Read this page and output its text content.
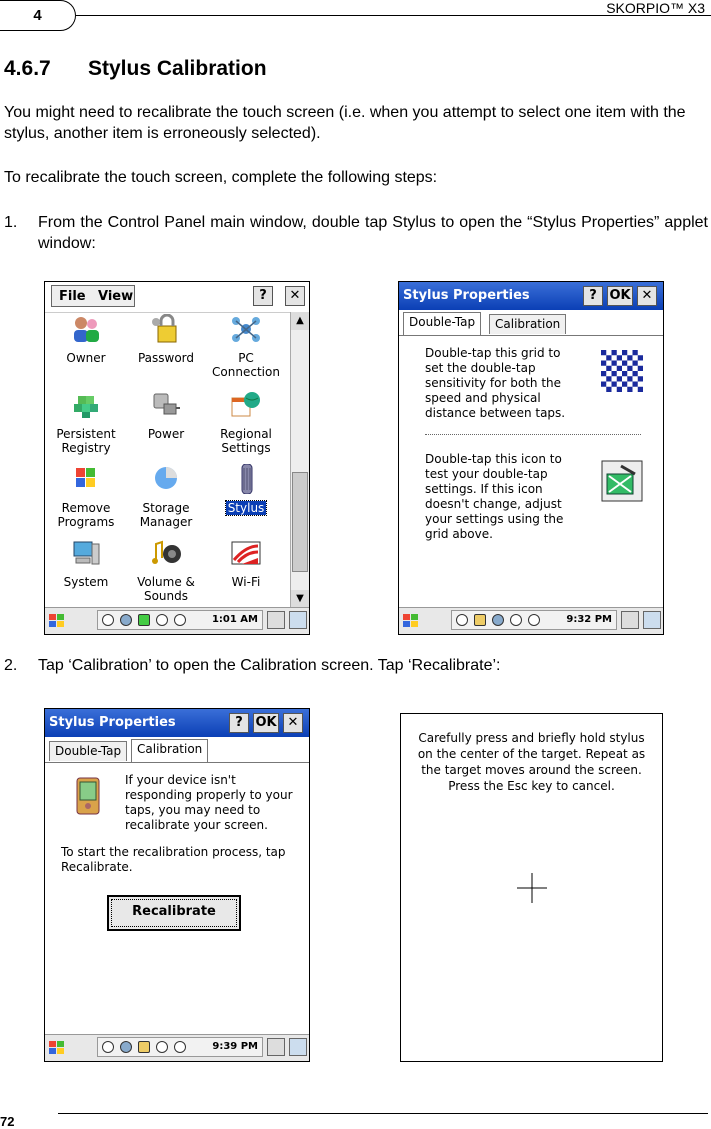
4	SKORPIO™ X3
4.6.7 Stylus Calibration
You might need to recalibrate the touch screen (i.e. when you attempt to select one item with the stylus, another item is erroneously selected).
To recalibrate the touch screen, complete the following steps:
1. From the Control Panel main window, double tap Stylus to open the “Stylus Properties” applet window:
File View	?	✕
Owner	Password	PC Connection
Persistent Registry
Power	Regional Settings
Remove Programs
Storage Manager
Stylus
System	Volume & Sounds
Wi-Fi
▲
▼
1:01 AM
Stylus Properties	? OK ✕
Double-Tap	Calibration
Double-tap this grid to set the double-tap sensitivity for both the speed and physical distance between taps.
Double-tap this icon to test your double-tap settings. If this icon doesn't change, adjust your settings using the grid above.
9:32 PM
2. Tap ‘Calibration’ to open the Calibration screen. Tap ‘Recalibrate’:
Stylus Properties	? OK ✕
Double-Tap	Calibration
If your device isn't responding properly to your taps, you may need to recalibrate your screen.
To start the recalibration process, tap Recalibrate.
Recalibrate
9:39 PM
Carefully press and briefly hold stylus on the center of the target. Repeat as the target moves around the screen. Press the Esc key to cancel.
72
